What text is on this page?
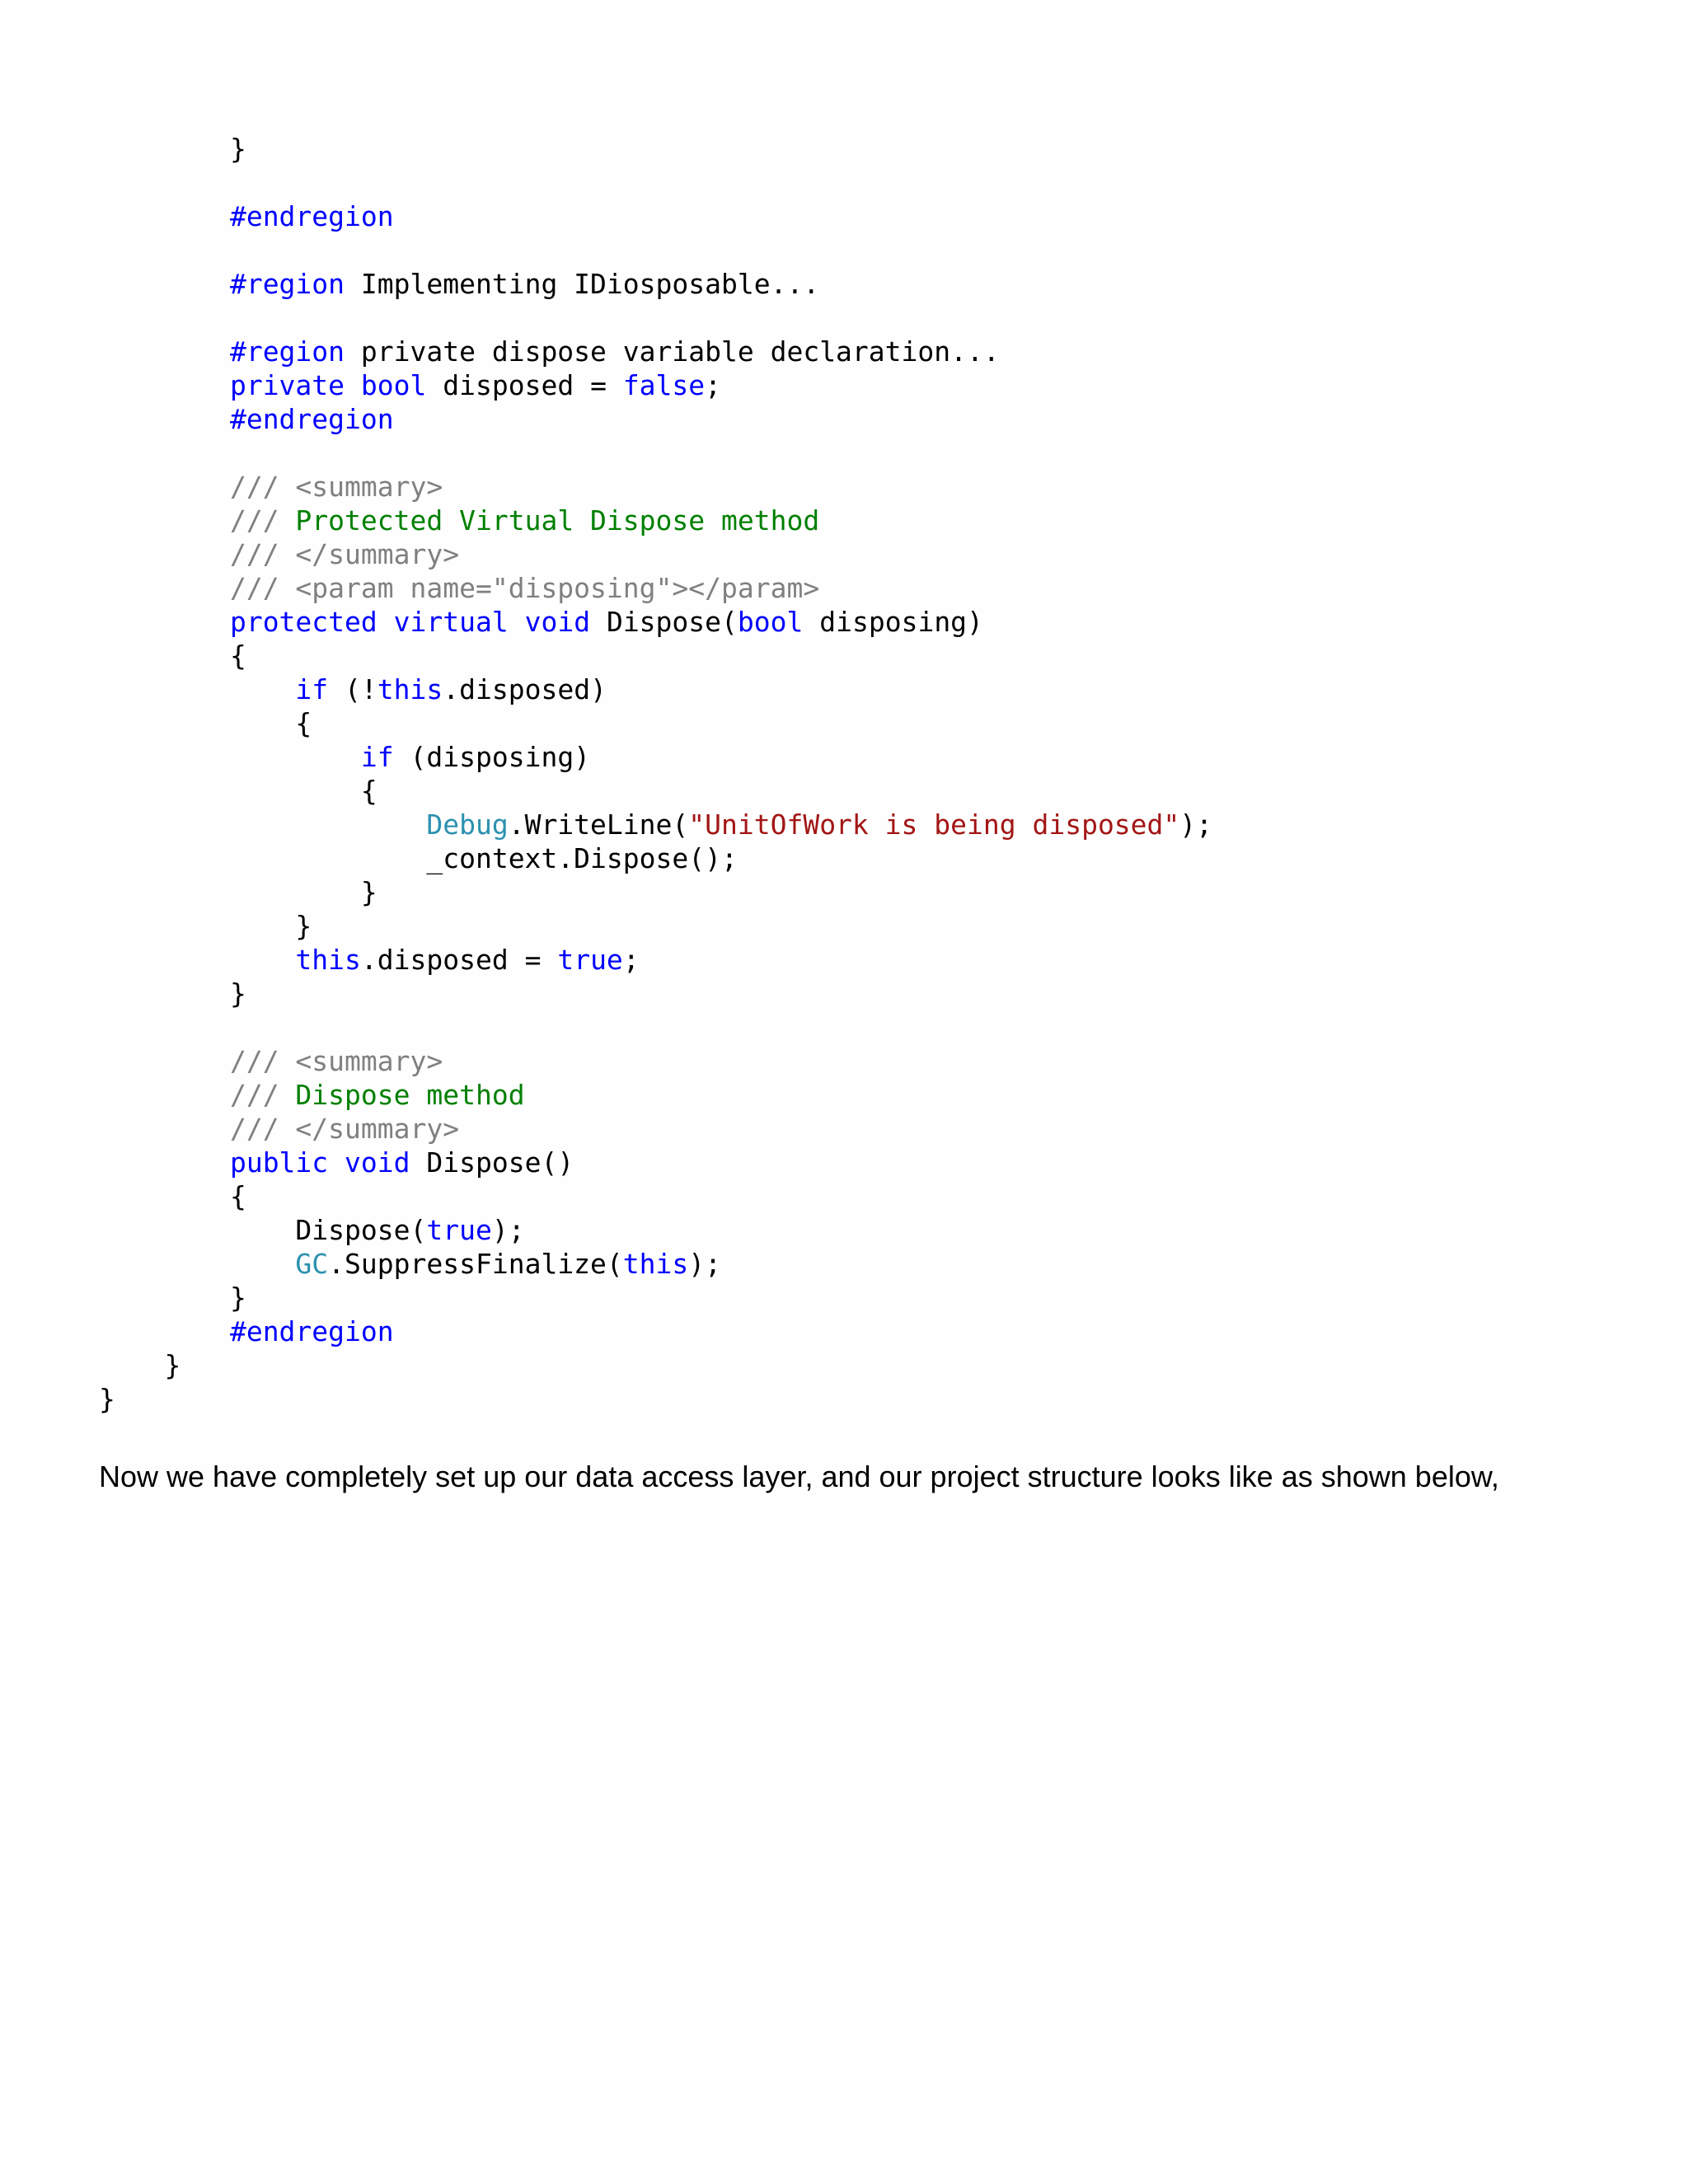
}

#endregion

#region Implementing IDiosposable...

#region private dispose variable declaration...
private bool disposed = false;
#endregion

/// <summary>
/// Protected Virtual Dispose method
/// </summary>
/// <param name="disposing"></param>
protected virtual void Dispose(bool disposing)
{
if (!this.disposed)
{
if (disposing)
{
Debug.WriteLine("UnitOfWork is being disposed");
_context.Dispose();
}
}
this.disposed = true;
}

/// <summary>
/// Dispose method
/// </summary>
public void Dispose()
{
Dispose(true);
GC.SuppressFinalize(this);
}
#endregion
}
}

Now we have completely set up our data access layer, and our project structure looks like as shown below,
